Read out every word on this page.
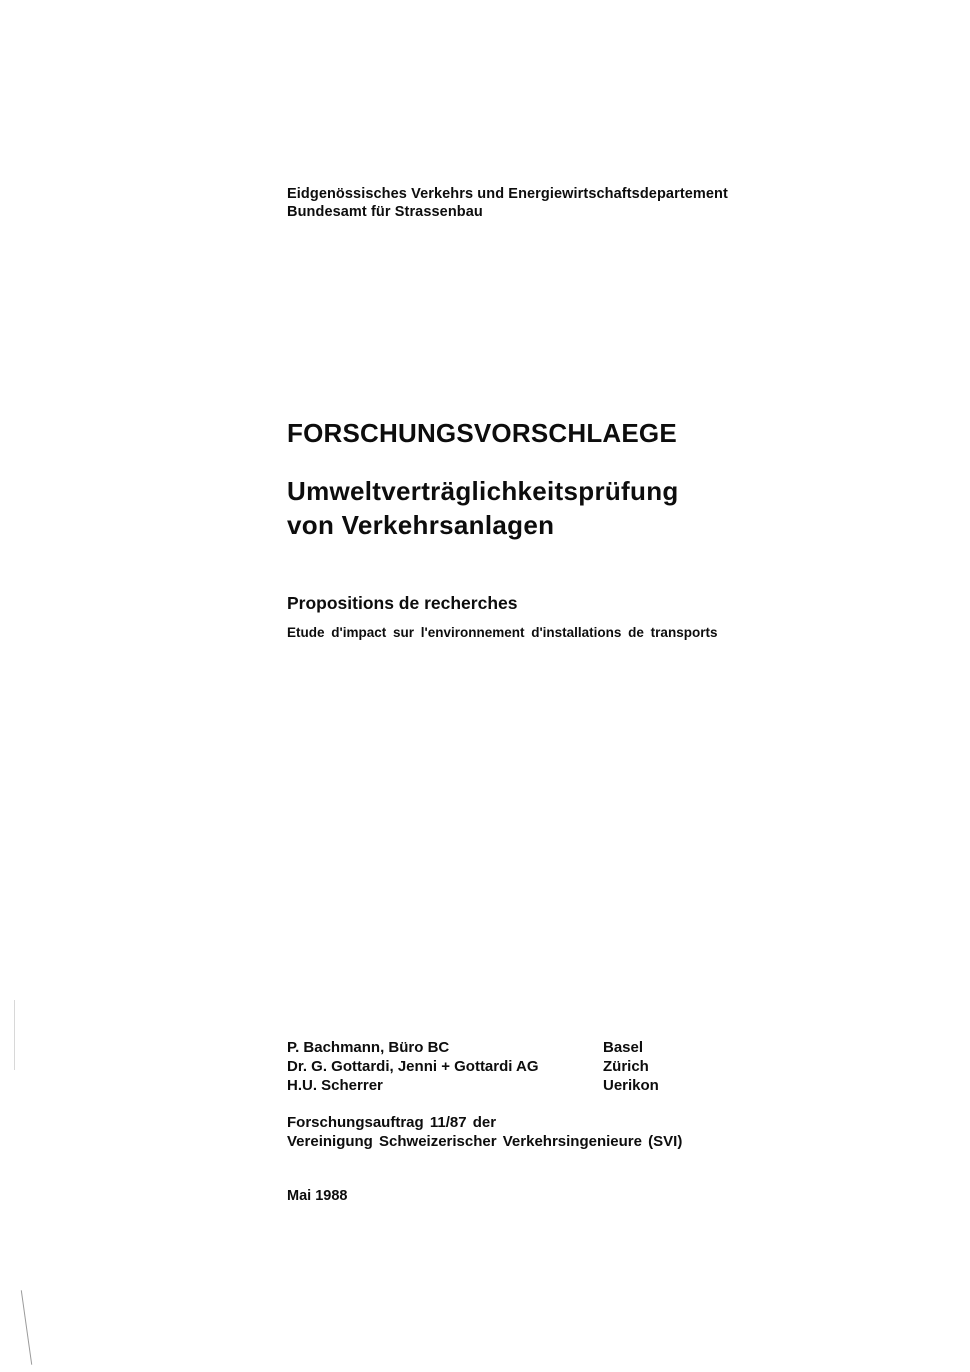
Eidgenössisches Verkehrs und Energiewirtschaftsdepartement
Bundesamt für Strassenbau
FORSCHUNGSVORSCHLAEGE
Umweltverträglichkeitsprüfung
von Verkehrsanlagen
Propositions de recherches
Etude d'impact sur l'environnement d'installations de transports
P. Bachmann, Büro BC	Basel
Dr. G. Gottardi, Jenni + Gottardi AG	Zürich
H.U. Scherrer	Uerikon
Forschungsauftrag 11/87 der
Vereinigung Schweizerischer Verkehrsingenieure (SVI)
Mai 1988
